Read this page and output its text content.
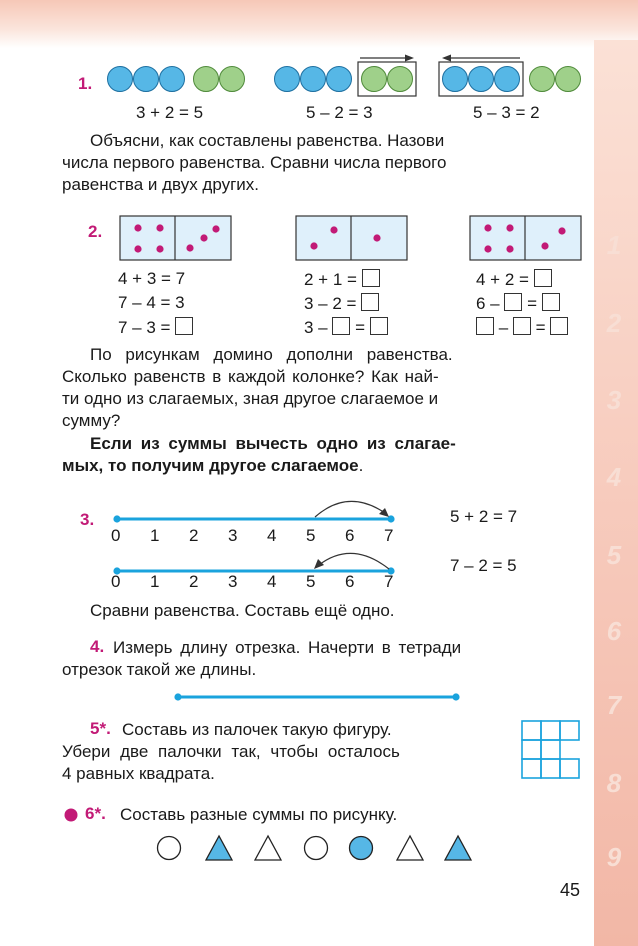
1
2
3
4
5
6
7
8
9
1.
3 + 2 = 5	5 – 2 = 3	5 – 3 = 2
Объясни, как составлены равенства. Назови
числа первого равенства. Сравни числа первого
равенства и двух других.
2.
4 + 3 = 7
7 – 4 = 3
7 – 3 =
2 + 1 =
3 – 2 =
3 – =
4 + 2 =
6 – =
– =
По рисункам домино дополни равенства.
Сколько равенств в каждой колонке? Как най-
ти одно из слагаемых, зная другое слагаемое и
сумму?
Если из суммы вычесть одно из слагае-
мых, то получим другое слагаемое.
3.
0 1 2 3 4 5 6 7
0 1 2 3 4 5 6 7
5 + 2 = 7
7 – 2 = 5
Сравни равенства. Составь ещё одно.
4. Измерь длину отрезка. Начерти в тетради
отрезок такой же длины.
5*. Составь из палочек такую фигуру.
Убери две палочки так, чтобы осталось
4 равных квадрата.
6*. Составь разные суммы по рисунку.
45
